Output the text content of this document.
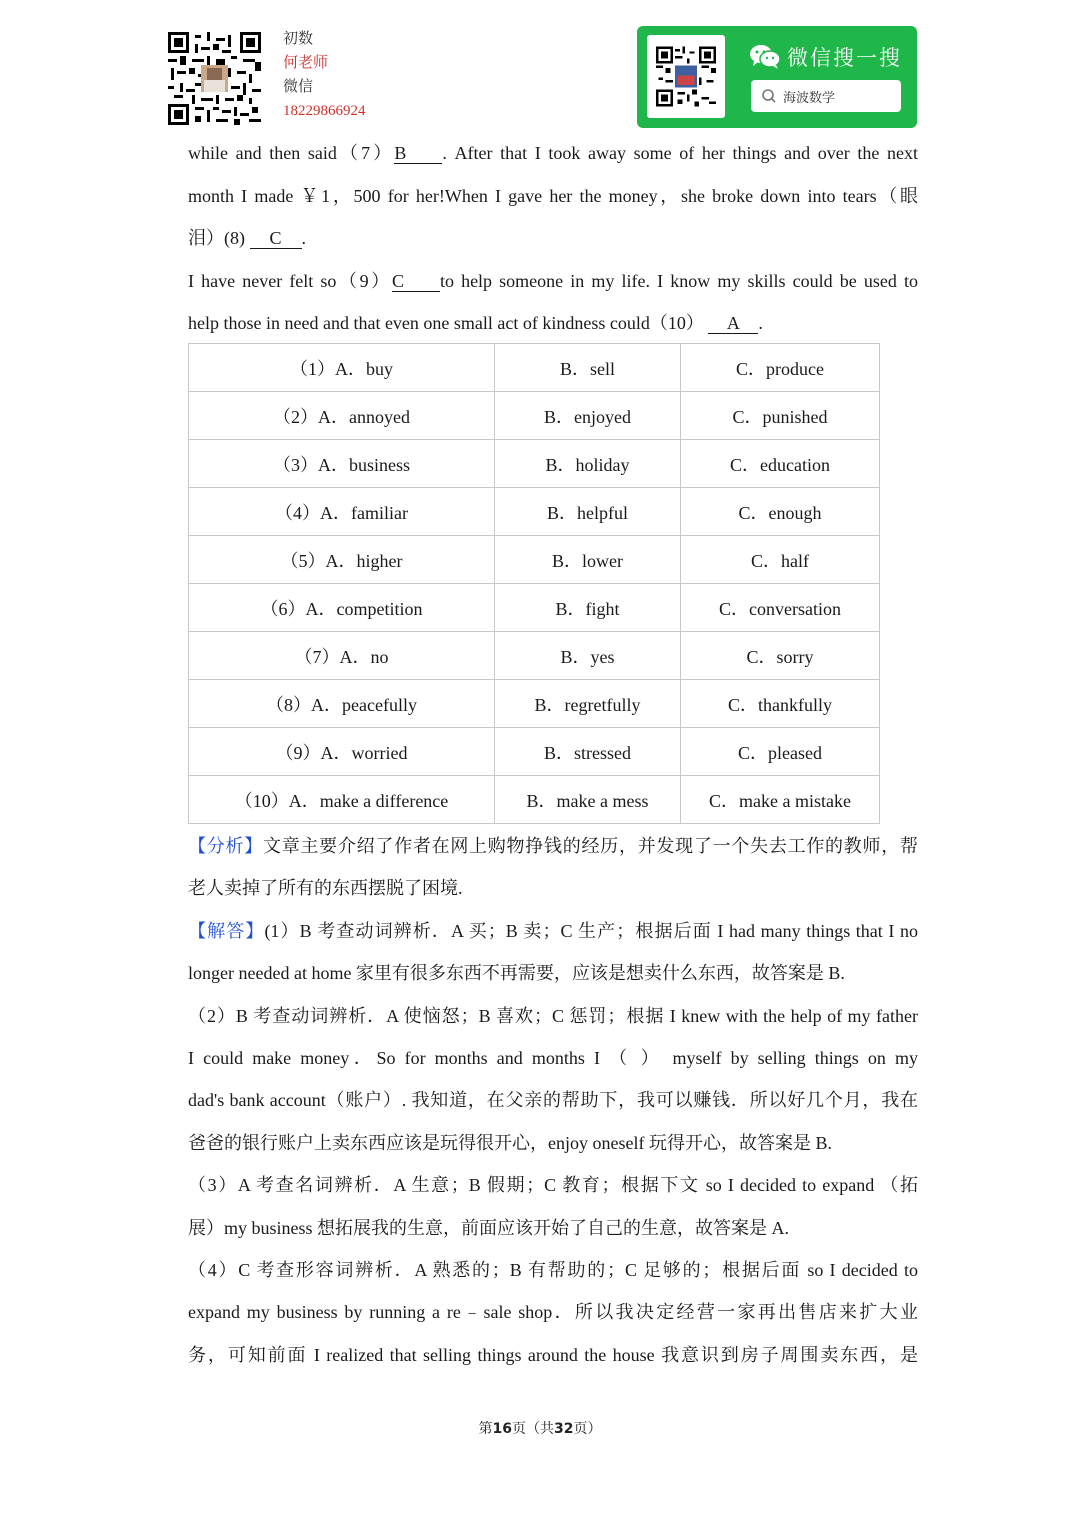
初数
何老师
微信
18229866924
微信搜一搜
海波数学
while and then said（7）B . After that I took away some of her things and over the next
month I made ￥1，500 for her!When I gave her the money，she broke down into tears（眼
泪）(8) C .
I have never felt so（9）C to help someone in my life. I know my skills could be used to
help those in need and that even one small act of kindness could（10） A .
（1）A．buy	B．sell	C．produce
（2）A．annoyed	B．enjoyed	C．punished
（3）A．business	B．holiday	C．education
（4）A．familiar	B．helpful	C．enough
（5）A．higher	B．lower	C．half
（6）A．competition	B．fight	C．conversation
（7）A．no	B．yes	C．sorry
（8）A．peacefully	B．regretfully	C．thankfully
（9）A．worried	B．stressed	C．pleased
（10）A．make a difference	B．make a mess	C．make a mistake
【分析】文章主要介绍了作者在网上购物挣钱的经历，并发现了一个失去工作的教师，帮
老人卖掉了所有的东西摆脱了困境.
【解答】(1）B 考查动词辨析．A 买；B 卖；C 生产；根据后面 I had many things that I no
longer needed at home 家里有很多东西不再需要，应该是想卖什么东西，故答案是 B.
（2）B 考查动词辨析．A 使恼怒；B 喜欢；C 惩罚；根据 I knew with the help of my father
I could make money．So for months and months I （ ） myself by selling things on my
dad's bank account（账户）. 我知道，在父亲的帮助下，我可以赚钱．所以好几个月，我在
爸爸的银行账户上卖东西应该是玩得很开心，enjoy oneself 玩得开心，故答案是 B.
（3）A 考查名词辨析．A 生意；B 假期；C 教育；根据下文 so I decided to expand （拓
展）my business 想拓展我的生意，前面应该开始了自己的生意，故答案是 A.
（4）C 考查形容词辨析．A 熟悉的；B 有帮助的；C 足够的；根据后面 so I decided to
expand my business by running a re﹣sale shop．所以我决定经营一家再出售店来扩大业
务，可知前面 I realized that selling things around the house 我意识到房子周围卖东西，是
第16页（共32页）
